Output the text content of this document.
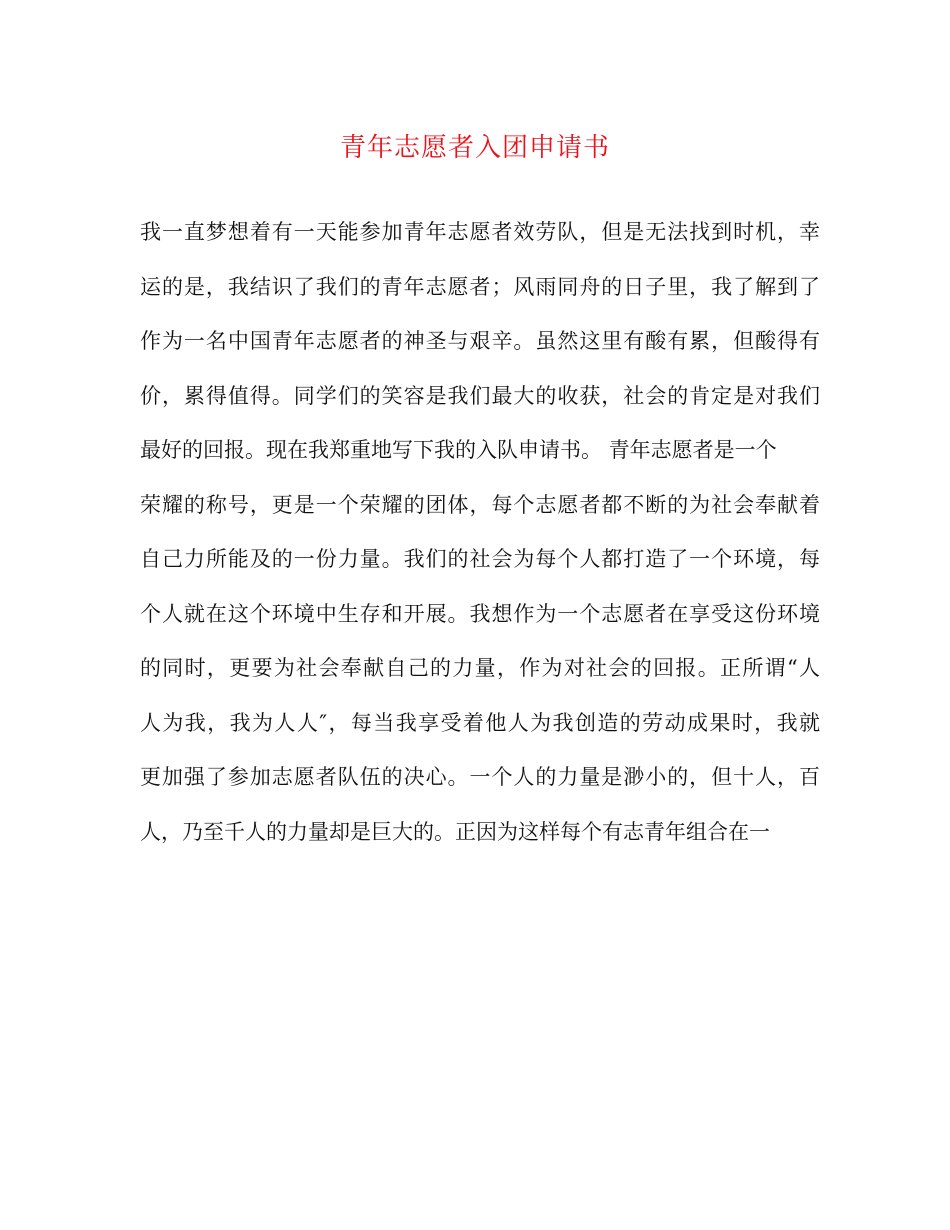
青年志愿者入团申请书
我一直梦想着有一天能参加青年志愿者效劳队，但是无法找到时机，幸
运的是，我结识了我们的青年志愿者；风雨同舟的日子里，我了解到了
作为一名中国青年志愿者的神圣与艰辛。虽然这里有酸有累，但酸得有
价，累得值得。同学们的笑容是我们最大的收获，社会的肯定是对我们
最好的回报。现在我郑重地写下我的入队申请书。 青年志愿者是一个
荣耀的称号，更是一个荣耀的团体，每个志愿者都不断的为社会奉献着
自己力所能及的一份力量。我们的社会为每个人都打造了一个环境，每
个人就在这个环境中生存和开展。我想作为一个志愿者在享受这份环境
的同时，更要为社会奉献自己的力量，作为对社会的回报。正所谓“人
人为我，我为人人″，每当我享受着他人为我创造的劳动成果时，我就
更加强了参加志愿者队伍的决心。一个人的力量是渺小的，但十人，百
人，乃至千人的力量却是巨大的。正因为这样每个有志青年组合在一
